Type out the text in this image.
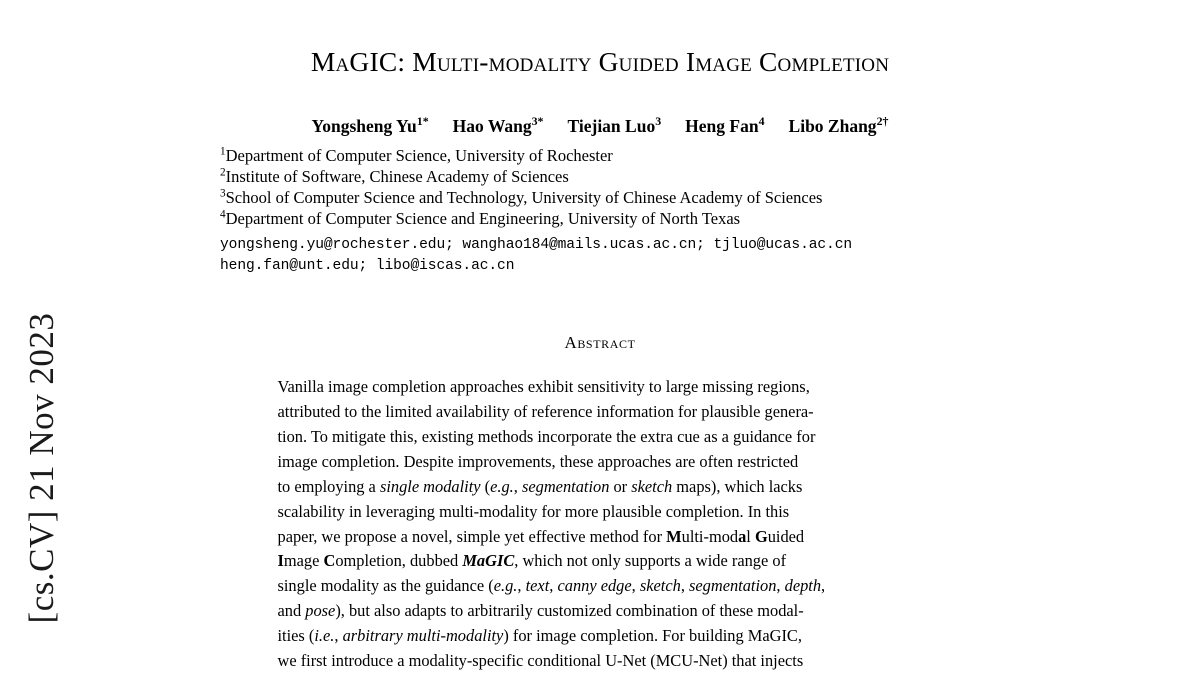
[cs.CV] 21 Nov 2023
MaGIC: Multi-modality Guided Image Completion
Yongsheng $Yu^{1*}$ Hao Wang$^{3*}$ Tiejian Luo$^3$ Heng Fan$^4$ Libo Zhang$^{2\dagger}$
$^1$Department of Computer Science, University of Rochester
$^2$Institute of Software, Chinese Academy of Sciences
$^3$School of Computer Science and Technology, University of Chinese Academy of Sciences
$^4$Department of Computer Science and Engineering, University of North Texas
yongsheng.yu@rochester.edu; wanghao184@mails.ucas.ac.cn; tjluo@ucas.ac.cn
heng.fan@unt.edu; libo@iscas.ac.cn
Abstract
Vanilla image completion approaches exhibit sensitivity to large missing regions,
attributed to the limited availability of reference information for plausible genera-
tion. To mitigate this, existing methods incorporate the extra cue as a guidance for
image completion. Despite improvements, these approaches are often restricted
to employing a single modality (e.g., segmentation or sketch maps), which lacks
scalability in leveraging multi-modality for more plausible completion. In this
paper, we propose a novel, simple yet effective method for Multi-modal Guided
Image Completion, dubbed MaGIC, which not only supports a wide range of
single modality as the guidance (e.g., text, canny edge, sketch, segmentation, depth,
and pose), but also adapts to arbitrarily customized combination of these modal-
ities (i.e., arbitrary multi-modality) for image completion. For building MaGIC,
we first introduce a modality-specific conditional U-Net (MCU-Net) that injects
